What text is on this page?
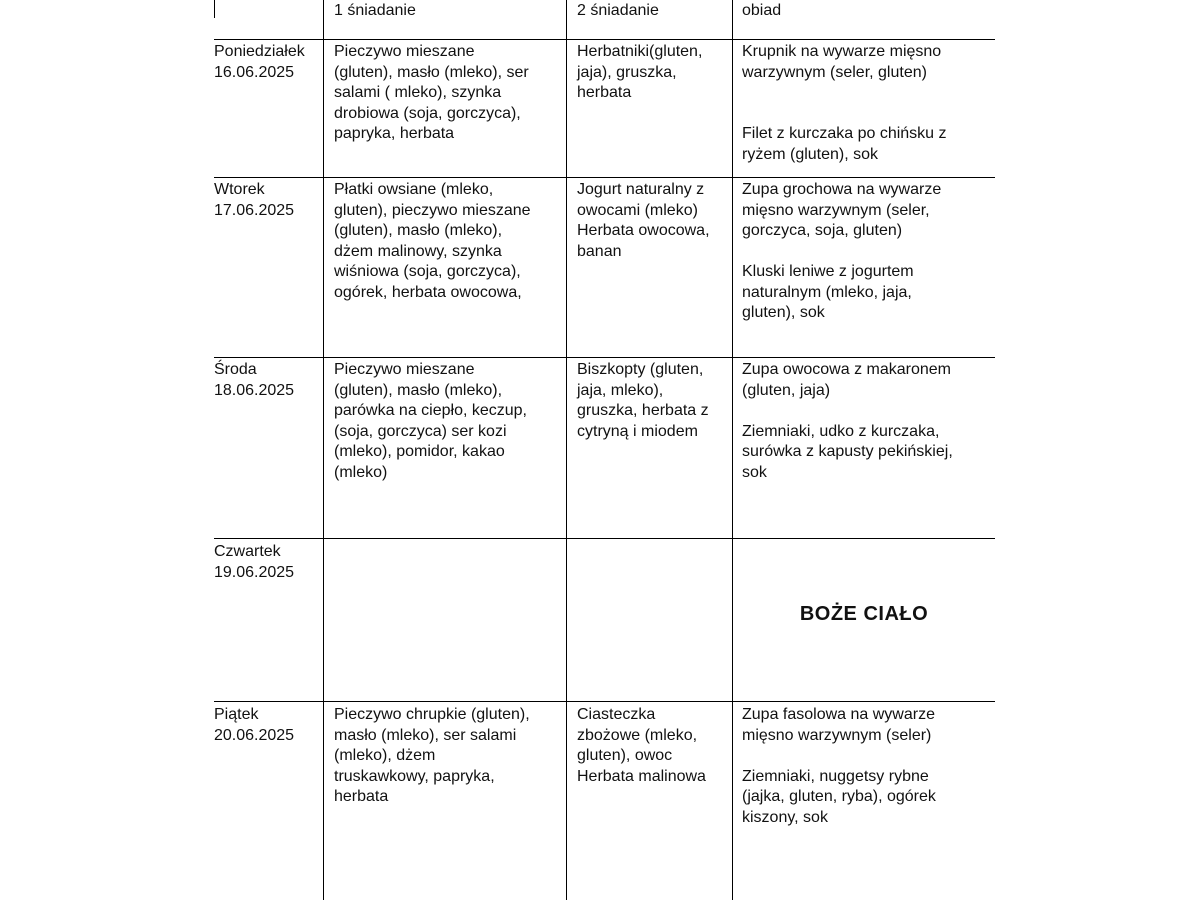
1 śniadanie	2 śniadanie	obiad
Poniedziałek
16.06.2025
Pieczywo mieszane
(gluten), masło (mleko), ser
salami ( mleko), szynka
drobiowa (soja, gorczyca),
papryka, herbata
Herbatniki(gluten,
jaja), gruszka,
herbata
Krupnik na wywarze mięsno
warzywnym (seler, gluten)

Filet z kurczaka po chińsku z
ryżem (gluten), sok
Wtorek
17.06.2025
Płatki owsiane (mleko,
gluten), pieczywo mieszane
(gluten), masło (mleko),
dżem malinowy, szynka
wiśniowa (soja, gorczyca),
ogórek, herbata owocowa,
Jogurt naturalny z
owocami (mleko)
Herbata owocowa,
banan
Zupa grochowa na wywarze
mięsno warzywnym (seler,
gorczyca, soja, gluten)

Kluski leniwe z jogurtem
naturalnym (mleko, jaja,
gluten), sok
Środa
18.06.2025
Pieczywo mieszane
(gluten), masło (mleko),
parówka na ciepło, keczup,
(soja, gorczyca) ser kozi
(mleko), pomidor, kakao
(mleko)
Biszkopty (gluten,
jaja, mleko),
gruszka, herbata z
cytryną i miodem
Zupa owocowa z makaronem
(gluten, jaja)

Ziemniaki, udko z kurczaka,
surówka z kapusty pekińskiej,
sok
Czwartek
19.06.2025
BOŻE CIAŁO
Piątek
20.06.2025
Pieczywo chrupkie (gluten),
masło (mleko), ser salami
(mleko), dżem
truskawkowy, papryka,
herbata
Ciasteczka
zbożowe (mleko,
gluten), owoc
Herbata malinowa
Zupa fasolowa na wywarze
mięsno warzywnym (seler)

Ziemniaki, nuggetsy rybne
(jajka, gluten, ryba), ogórek
kiszony, sok
